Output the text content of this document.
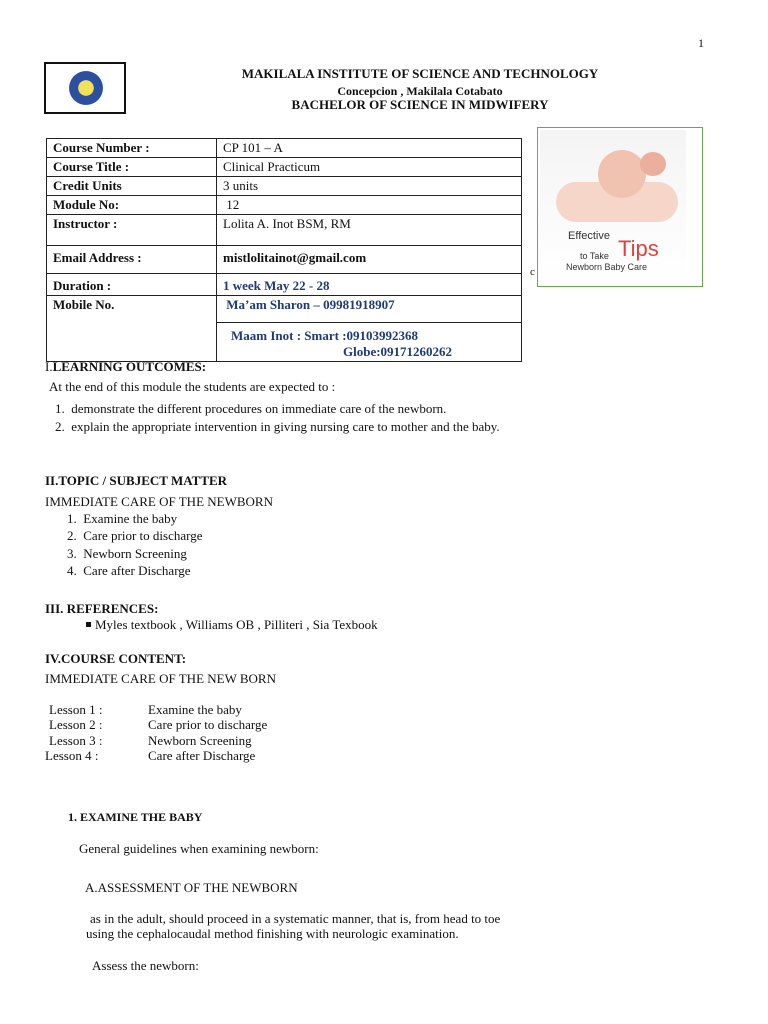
1
MAKILALA INSTITUTE OF SCIENCE AND TECHNOLOGY
Concepcion , Makilala Cotabato
BACHELOR OF SCIENCE IN MIDWIFERY
Course Number :	CP 101 – A
Course Title :	Clinical Practicum
Credit Units	3 units
Module No:	12
Instructor :	Lolita A. Inot BSM, RM
Email Address :	mistlolitainot@gmail.com
Duration :	1 week May 22 - 28
Mobile No.	Ma’am Sharon – 09981918907

	Maam Inot : Smart :09103992368
Globe:09171260262
Effective
to Take Tips
Newborn Baby Care
c
I.LEARNING OUTCOMES:
At the end of this module the students are expected to :
1.  demonstrate the different procedures on immediate care of the newborn.
2.  explain the appropriate intervention in giving nursing care to mother and the baby.
II.TOPIC / SUBJECT MATTER
IMMEDIATE CARE OF THE NEWBORN
1.  Examine the baby
2.  Care prior to discharge
3.  Newborn Screening
4.  Care after Discharge
III. REFERENCES:
Myles textbook , Williams OB , Pilliteri , Sia Texbook
IV.COURSE CONTENT:
IMMEDIATE CARE OF THE NEW BORN
Lesson 1 :	Examine the baby
Lesson 2 :	Care prior to discharge
Lesson 3 :	Newborn Screening
Lesson 4 :	Care after Discharge
1. EXAMINE THE BABY
General guidelines when examining newborn:
A.ASSESSMENT OF THE NEWBORN
as in the adult, should proceed in a systematic manner, that is, from head to toe
using the cephalocaudal method finishing with neurologic examination.
Assess the newborn:
